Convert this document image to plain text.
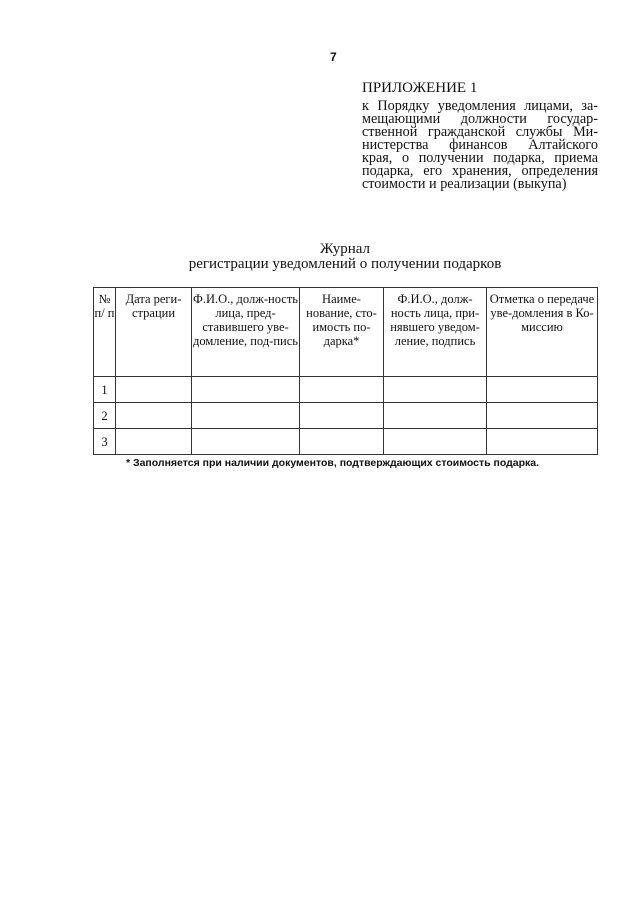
7
ПРИЛОЖЕНИЕ 1
к Порядку уведомления лицами, за-
мещающими должности государ-
ственной гражданской службы Ми-
нистерства финансов Алтайского
края, о получении подарка, приема
подарка, его хранения, определения
стоимости и реализации (выкупа)
Журнал
регистрации уведомлений о получении подарков
№ п/ п	Дата реги-страции	Ф.И.О., долж-ность лица, пред-ставившего уве-домление, под-пись	Наиме-нование, сто-имость по-дарка*	Ф.И.О., долж-ность лица, при-нявшего уведом-ление, подпись	Отметка о передаче уве-домления в Ко-миссию
1					
2					
3					
* Заполняется при наличии документов, подтверждающих стоимость подарка.
